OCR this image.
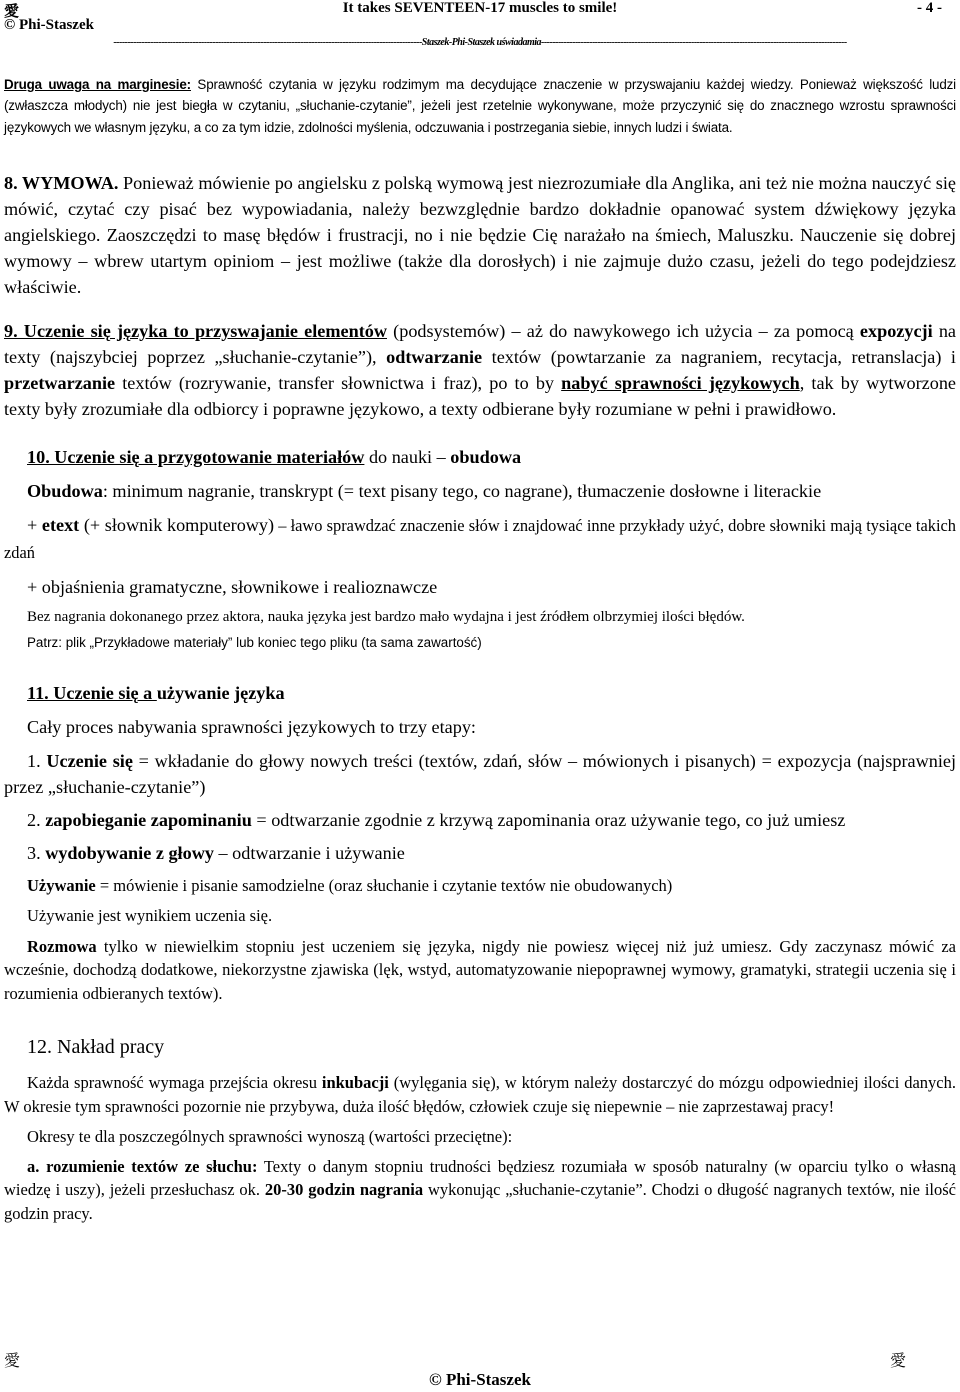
愛	It takes SEVENTEEN-17 muscles to smile!	- 4 -
© Phi-Staszek
-------------------------------------------------------------------------------------------------------------Staszek-Phi-Staszek uświadamia------------------------------------------------------------------------------------------------------------

Druga uwaga na marginesie: Sprawność czytania w języku rodzimym ma decydujące znaczenie w przyswajaniu każdej wiedzy. Ponieważ większość ludzi (zwłaszcza młodych) nie jest biegła w czytaniu, „słuchanie-czytanie”, jeżeli jest rzetelnie wykonywane, może przyczynić się do znacznego wzrostu sprawności językowych we własnym języku, a co za tym idzie, zdolności myślenia, odczuwania i postrzegania siebie, innych ludzi i świata.

8. WYMOWA. Ponieważ mówienie po angielsku z polską wymową jest niezrozumiałe dla Anglika, ani też nie można nauczyć się mówić, czytać czy pisać bez wypowiadania, należy bezwzględnie bardzo dokładnie opanować system dźwiękowy języka angielskiego. Zaoszczędzi to masę błędów i frustracji, no i nie będzie Cię narażało na śmiech, Maluszku. Nauczenie się dobrej wymowy – wbrew utartym opiniom – jest możliwe (także dla dorosłych) i nie zajmuje dużo czasu, jeżeli do tego podejdziesz właściwie.

9. Uczenie się języka to przyswajanie elementów (podsystemów) – aż do nawykowego ich użycia – za pomocą expozycji na texty (najszybciej poprzez „słuchanie-czytanie”), odtwarzanie textów (powtarzanie za nagraniem, recytacja, retranslacja) i przetwarzanie textów (rozrywanie, transfer słownictwa i fraz), po to by nabyć sprawności językowych, tak by wytworzone texty były zrozumiałe dla odbiorcy i poprawne językowo, a texty odbierane były rozumiane w pełni i prawidłowo.

10. Uczenie się a przygotowanie materiałów do nauki – obudowa

Obudowa: minimum nagranie, transkrypt (= text pisany tego, co nagrane), tłumaczenie dosłowne i literackie

+ etext (+ słownik komputerowy) – ławo sprawdzać znaczenie słów i znajdować inne przykłady użyć, dobre słowniki mają tysiące takich zdań

+ objaśnienia gramatyczne, słownikowe i realioznawcze

Bez nagrania dokonanego przez aktora, nauka języka jest bardzo mało wydajna i jest źródłem olbrzymiej ilości błędów.

Patrz: plik „Przykładowe materiały” lub koniec tego pliku (ta sama zawartość)

11. Uczenie się a używanie języka

Cały proces nabywania sprawności językowych to trzy etapy:

1. Uczenie się = wkładanie do głowy nowych treści (textów, zdań, słów – mówionych i pisanych) = expozycja (najsprawniej przez „słuchanie-czytanie”)

2. zapobieganie zapominaniu = odtwarzanie zgodnie z krzywą zapominania oraz używanie tego, co już umiesz

3. wydobywanie z głowy – odtwarzanie i używanie

Używanie = mówienie i pisanie samodzielne (oraz słuchanie i czytanie textów nie obudowanych)

Używanie jest wynikiem uczenia się.

Rozmowa tylko w niewielkim stopniu jest uczeniem się języka, nigdy nie powiesz więcej niż już umiesz. Gdy zaczynasz mówić za wcześnie, dochodzą dodatkowe, niekorzystne zjawiska (lęk, wstyd, automatyzowanie niepoprawnej wymowy, gramatyki, strategii uczenia się i rozumienia odbieranych textów).

12. Nakład pracy

Każda sprawność wymaga przejścia okresu inkubacji (wylęgania się), w którym należy dostarczyć do mózgu odpowiedniej ilości danych. W okresie tym sprawności pozornie nie przybywa, duża ilość błędów, człowiek czuje się niepewnie – nie zaprzestawaj pracy!

Okresy te dla poszczególnych sprawności wynoszą (wartości przeciętne):

a. rozumienie textów ze słuchu: Texty o danym stopniu trudności będziesz rozumiała w sposób naturalny (w oparciu tylko o własną wiedzę i uszy), jeżeli przesłuchasz ok. 20-30 godzin nagrania wykonując „słuchanie-czytanie”. Chodzi o długość nagranych textów, nie ilość godzin pracy.

愛	愛
© Phi-Staszek
